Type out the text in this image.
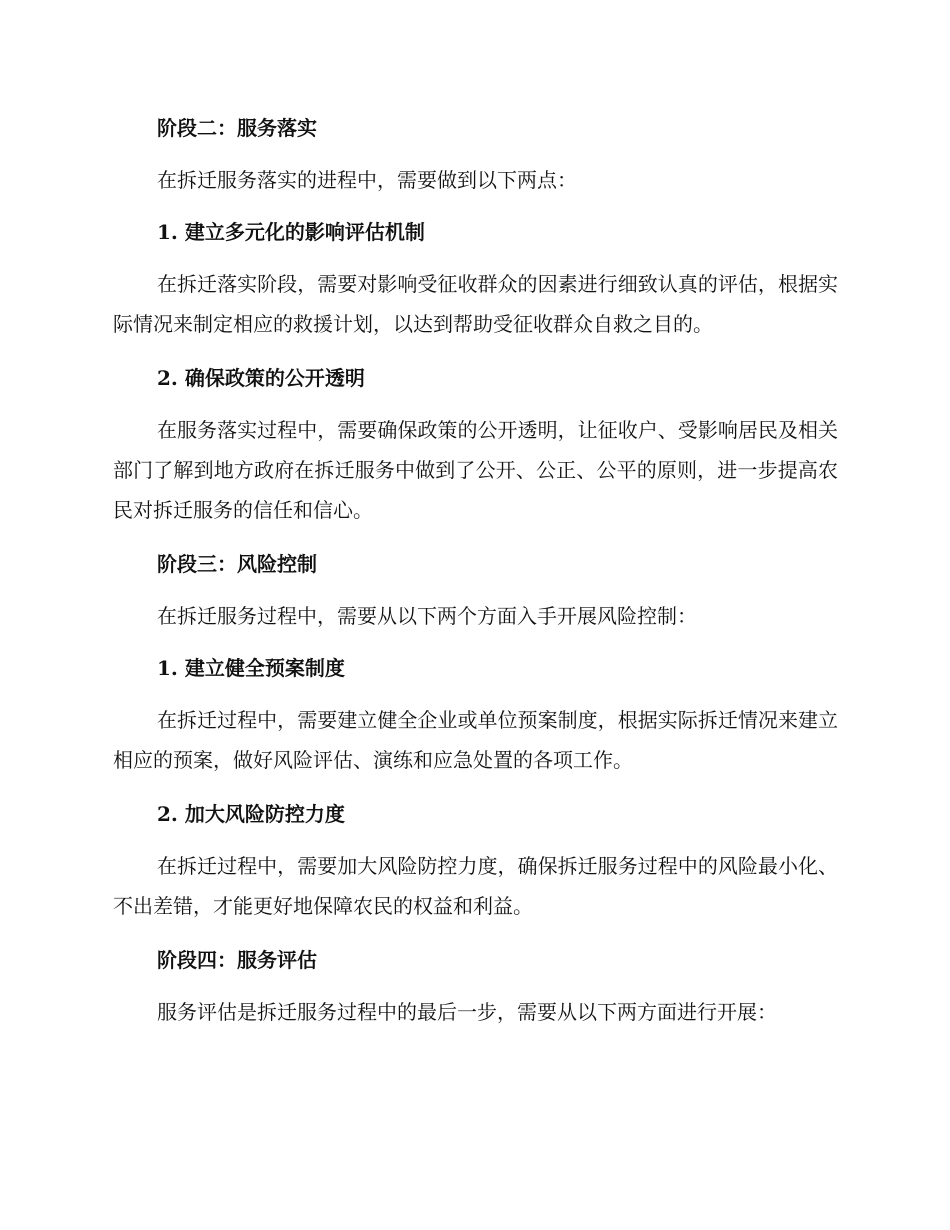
阶段二：服务落实

在拆迁服务落实的进程中，需要做到以下两点：

1. 建立多元化的影响评估机制

在拆迁落实阶段，需要对影响受征收群众的因素进行细致认真的评估，根据实际情况来制定相应的救援计划，以达到帮助受征收群众自救之目的。

2. 确保政策的公开透明

在服务落实过程中，需要确保政策的公开透明，让征收户、受影响居民及相关部门了解到地方政府在拆迁服务中做到了公开、公正、公平的原则，进一步提高农民对拆迁服务的信任和信心。

阶段三：风险控制

在拆迁服务过程中，需要从以下两个方面入手开展风险控制：

1. 建立健全预案制度

在拆迁过程中，需要建立健全企业或单位预案制度，根据实际拆迁情况来建立相应的预案，做好风险评估、演练和应急处置的各项工作。

2. 加大风险防控力度

在拆迁过程中，需要加大风险防控力度，确保拆迁服务过程中的风险最小化、不出差错，才能更好地保障农民的权益和利益。

阶段四：服务评估

服务评估是拆迁服务过程中的最后一步，需要从以下两方面进行开展：
